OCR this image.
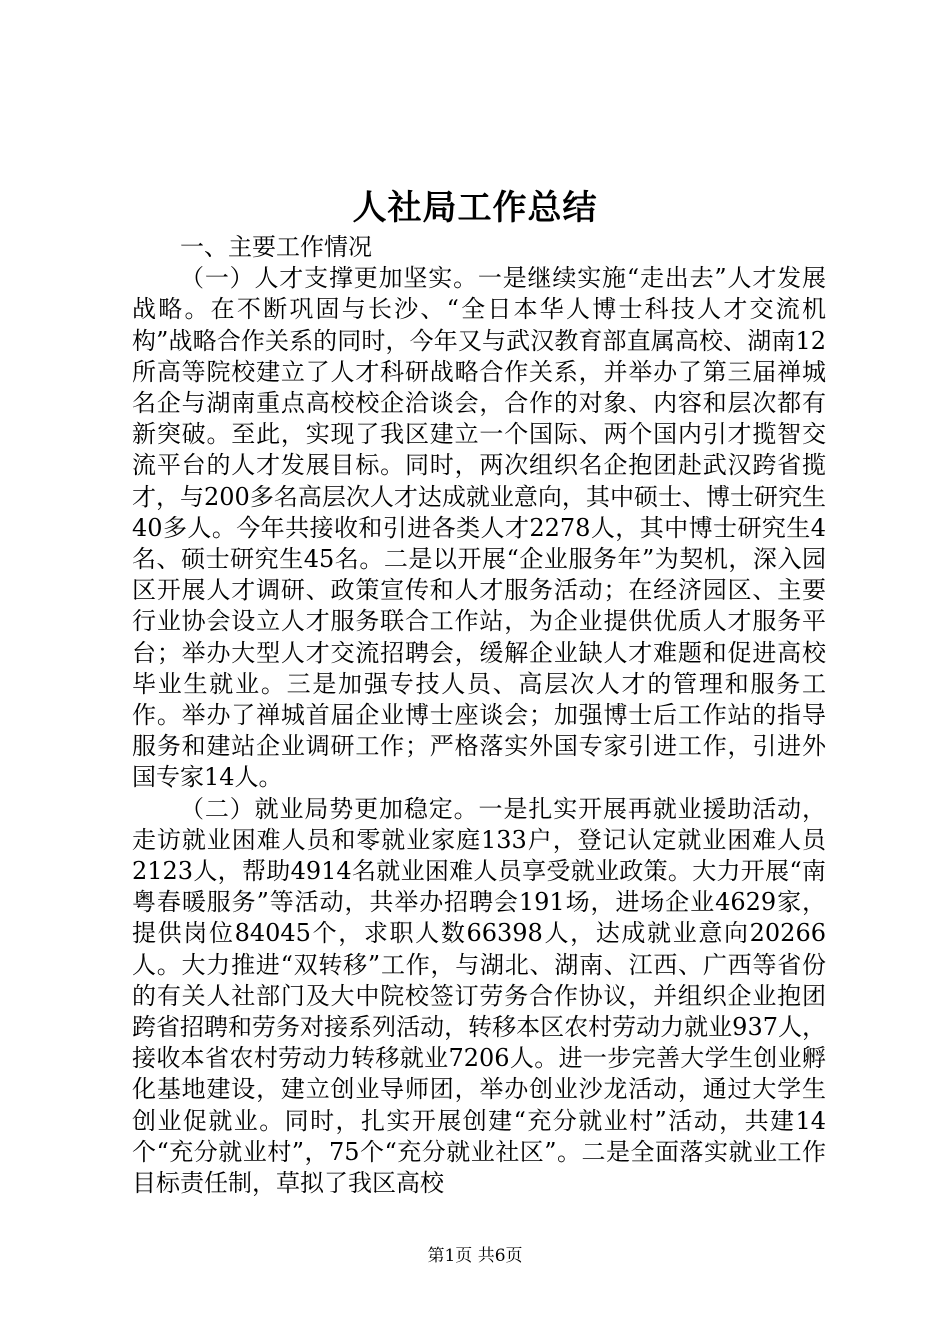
人社局工作总结

一、主要工作情况

（一）人才支撑更加坚实。一是继续实施“走出去”人才发展战略。在不断巩固与长沙、“全日本华人博士科技人才交流机构”战略合作关系的同时，今年又与武汉教育部直属高校、湖南12所高等院校建立了人才科研战略合作关系，并举办了第三届禅城名企与湖南重点高校校企洽谈会，合作的对象、内容和层次都有新突破。至此，实现了我区建立一个国际、两个国内引才揽智交流平台的人才发展目标。同时，两次组织名企抱团赴武汉跨省揽才，与200多名高层次人才达成就业意向，其中硕士、博士研究生40多人。今年共接收和引进各类人才2278人，其中博士研究生4名、硕士研究生45名。二是以开展“企业服务年”为契机，深入园区开展人才调研、政策宣传和人才服务活动；在经济园区、主要行业协会设立人才服务联合工作站，为企业提供优质人才服务平台；举办大型人才交流招聘会，缓解企业缺人才难题和促进高校毕业生就业。三是加强专技人员、高层次人才的管理和服务工作。举办了禅城首届企业博士座谈会；加强博士后工作站的指导服务和建站企业调研工作；严格落实外国专家引进工作，引进外国专家14人。

（二）就业局势更加稳定。一是扎实开展再就业援助活动，走访就业困难人员和零就业家庭133户，登记认定就业困难人员2123人，帮助4914名就业困难人员享受就业政策。大力开展“南粤春暖服务”等活动，共举办招聘会191场，进场企业4629家，提供岗位84045个，求职人数66398人，达成就业意向20266人。大力推进“双转移”工作，与湖北、湖南、江西、广西等省份的有关人社部门及大中院校签订劳务合作协议，并组织企业抱团跨省招聘和劳务对接系列活动，转移本区农村劳动力就业937人，接收本省农村劳动力转移就业7206人。进一步完善大学生创业孵化基地建设，建立创业导师团，举办创业沙龙活动，通过大学生创业促就业。同时，扎实开展创建“充分就业村”活动，共建14个“充分就业村”，75个“充分就业社区”。二是全面落实就业工作目标责任制，草拟了我区高校

第1页 共6页
